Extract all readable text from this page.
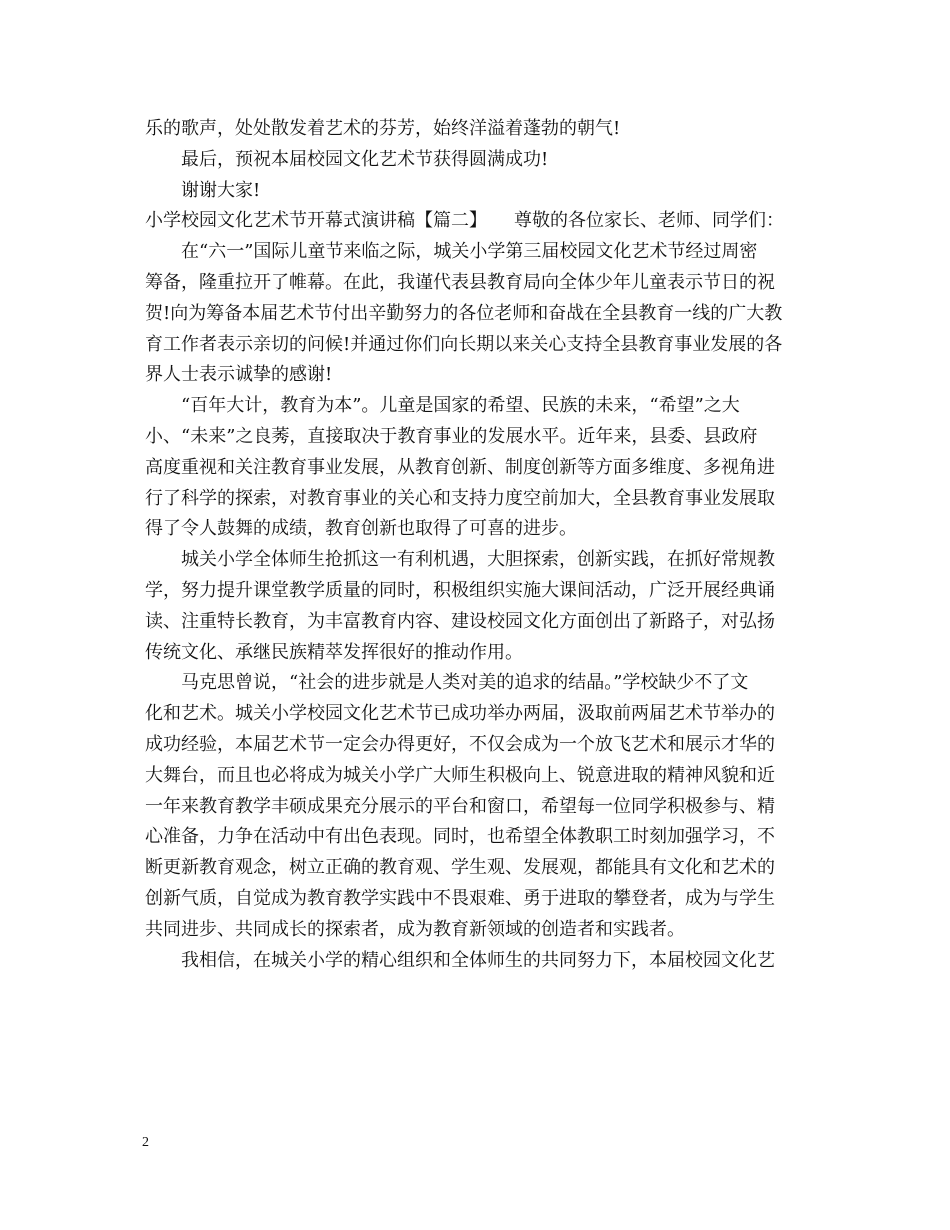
乐的歌声，处处散发着艺术的芬芳，始终洋溢着蓬勃的朝气!
最后，预祝本届校园文化艺术节获得圆满成功!
谢谢大家!
小学校园文化艺术节开幕式演讲稿【篇二】　　尊敬的各位家长、老师、同学们：
在“六一”国际儿童节来临之际，城关小学第三届校园文化艺术节经过周密
筹备，隆重拉开了帷幕。在此，我谨代表县教育局向全体少年儿童表示节日的祝
贺!向为筹备本届艺术节付出辛勤努力的各位老师和奋战在全县教育一线的广大教
育工作者表示亲切的问候!并通过你们向长期以来关心支持全县教育事业发展的各
界人士表示诚挚的感谢!
“百年大计，教育为本”。儿童是国家的希望、民族的未来，“希望”之大
小、“未来”之良莠，直接取决于教育事业的发展水平。近年来，县委、县政府
高度重视和关注教育事业发展，从教育创新、制度创新等方面多维度、多视角进
行了科学的探索，对教育事业的关心和支持力度空前加大，全县教育事业发展取
得了令人鼓舞的成绩，教育创新也取得了可喜的进步。
城关小学全体师生抢抓这一有利机遇，大胆探索，创新实践，在抓好常规教
学，努力提升课堂教学质量的同时，积极组织实施大课间活动，广泛开展经典诵
读、注重特长教育，为丰富教育内容、建设校园文化方面创出了新路子，对弘扬
传统文化、承继民族精萃发挥很好的推动作用。
马克思曾说，“社会的进步就是人类对美的追求的结晶。”学校缺少不了文
化和艺术。城关小学校园文化艺术节已成功举办两届，汲取前两届艺术节举办的
成功经验，本届艺术节一定会办得更好，不仅会成为一个放飞艺术和展示才华的
大舞台，而且也必将成为城关小学广大师生积极向上、锐意进取的精神风貌和近
一年来教育教学丰硕成果充分展示的平台和窗口，希望每一位同学积极参与、精
心准备，力争在活动中有出色表现。同时，也希望全体教职工时刻加强学习，不
断更新教育观念，树立正确的教育观、学生观、发展观，都能具有文化和艺术的
创新气质，自觉成为教育教学实践中不畏艰难、勇于进取的攀登者，成为与学生
共同进步、共同成长的探索者，成为教育新领域的创造者和实践者。
我相信，在城关小学的精心组织和全体师生的共同努力下，本届校园文化艺
2
